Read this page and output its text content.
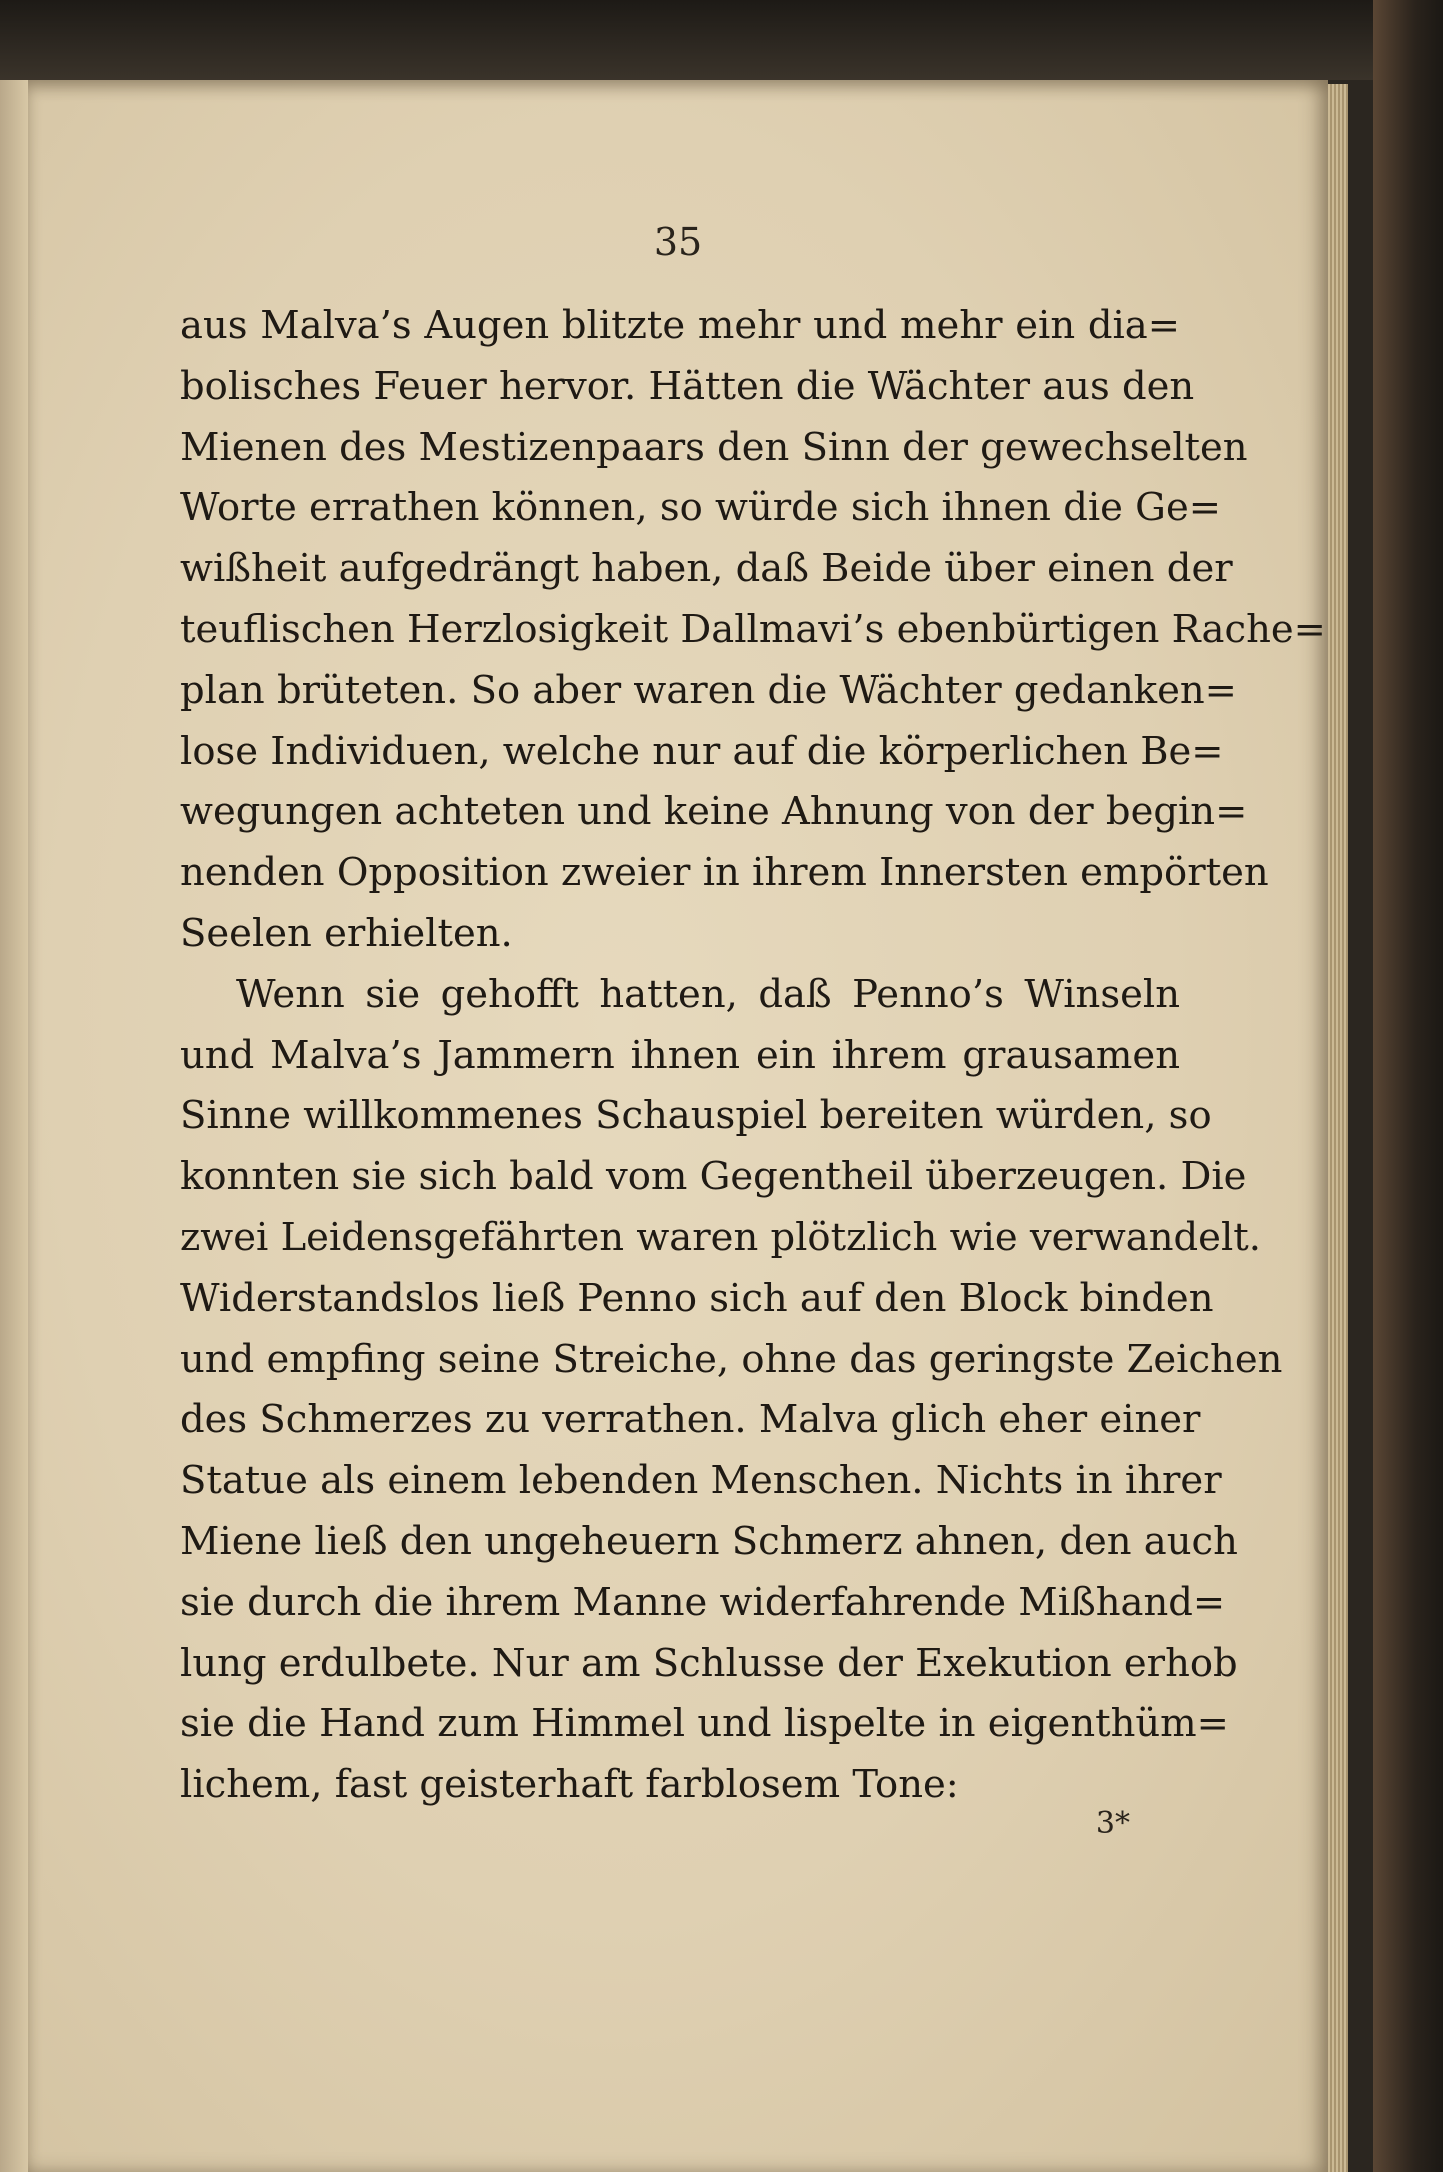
35
aus Malva’s Augen blitzte mehr und mehr ein dia=
bolisches Feuer hervor. Hätten die Wächter aus den
Mienen des Mestizenpaars den Sinn der gewechselten
Worte errathen können, so würde sich ihnen die Ge=
wißheit aufgedrängt haben, daß Beide über einen der
teuflischen Herzlosigkeit Dallmavi’s ebenbürtigen Rache=
plan brüteten. So aber waren die Wächter gedanken=
lose Individuen, welche nur auf die körperlichen Be=
wegungen achteten und keine Ahnung von der begin=
nenden Opposition zweier in ihrem Innersten empörten
Seelen erhielten.
Wenn sie gehofft hatten, daß Penno’s Winseln
und Malva’s Jammern ihnen ein ihrem grausamen
Sinne willkommenes Schauspiel bereiten würden, so
konnten sie sich bald vom Gegentheil überzeugen. Die
zwei Leidensgefährten waren plötzlich wie verwandelt.
Widerstandslos ließ Penno sich auf den Block binden
und empfing seine Streiche, ohne das geringste Zeichen
des Schmerzes zu verrathen. Malva glich eher einer
Statue als einem lebenden Menschen. Nichts in ihrer
Miene ließ den ungeheuern Schmerz ahnen, den auch
sie durch die ihrem Manne widerfahrende Mißhand=
lung erdulbete. Nur am Schlusse der Exekution erhob
sie die Hand zum Himmel und lispelte in eigenthüm=
lichem, fast geisterhaft farblosem Tone:
3*
